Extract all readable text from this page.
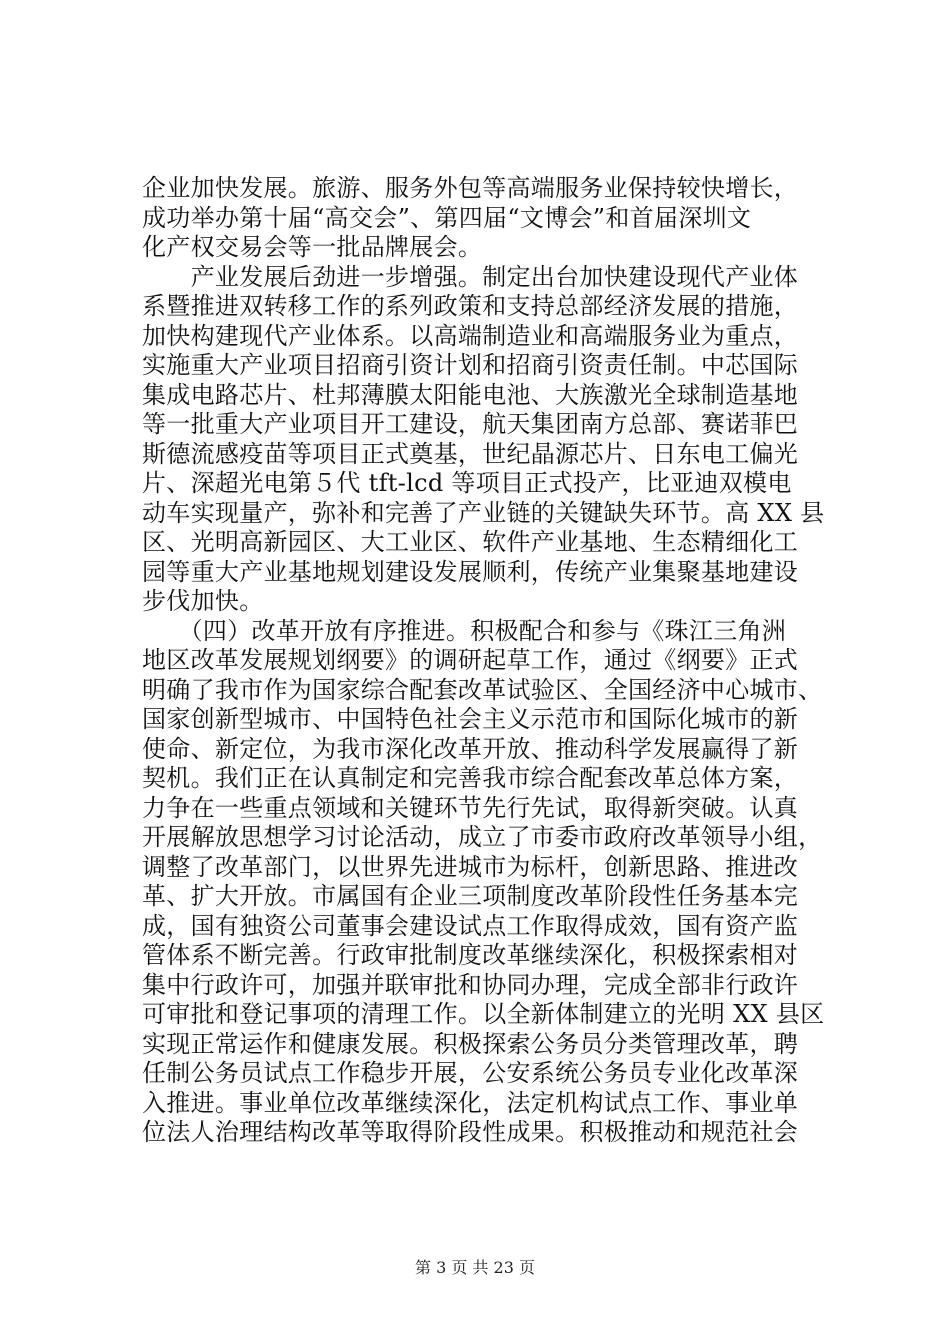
企业加快发展。旅游、服务外包等高端服务业保持较快增长，
成功举办第十届“高交会”、第四届“文博会”和首届深圳文
化产权交易会等一批品牌展会。
　　产业发展后劲进一步增强。制定出台加快建设现代产业体
系暨推进双转移工作的系列政策和支持总部经济发展的措施，
加快构建现代产业体系。以高端制造业和高端服务业为重点，
实施重大产业项目招商引资计划和招商引资责任制。中芯国际
集成电路芯片、杜邦薄膜太阳能电池、大族激光全球制造基地
等一批重大产业项目开工建设，航天集团南方总部、赛诺菲巴
斯德流感疫苗等项目正式奠基，世纪晶源芯片、日东电工偏光
片、深超光电第５代 tft-lcd 等项目正式投产，比亚迪双模电
动车实现量产，弥补和完善了产业链的关键缺失环节。高 XX 县
区、光明高新园区、大工业区、软件产业基地、生态精细化工
园等重大产业基地规划建设发展顺利，传统产业集聚基地建设
步伐加快。
　　（四）改革开放有序推进。积极配合和参与《珠江三角洲
地区改革发展规划纲要》的调研起草工作，通过《纲要》正式
明确了我市作为国家综合配套改革试验区、全国经济中心城市、
国家创新型城市、中国特色社会主义示范市和国际化城市的新
使命、新定位，为我市深化改革开放、推动科学发展赢得了新
契机。我们正在认真制定和完善我市综合配套改革总体方案，
力争在一些重点领域和关键环节先行先试，取得新突破。认真
开展解放思想学习讨论活动，成立了市委市政府改革领导小组，
调整了改革部门，以世界先进城市为标杆，创新思路、推进改
革、扩大开放。市属国有企业三项制度改革阶段性任务基本完
成，国有独资公司董事会建设试点工作取得成效，国有资产监
管体系不断完善。行政审批制度改革继续深化，积极探索相对
集中行政许可，加强并联审批和协同办理，完成全部非行政许
可审批和登记事项的清理工作。以全新体制建立的光明 XX 县区
实现正常运作和健康发展。积极探索公务员分类管理改革，聘
任制公务员试点工作稳步开展，公安系统公务员专业化改革深
入推进。事业单位改革继续深化，法定机构试点工作、事业单
位法人治理结构改革等取得阶段性成果。积极推动和规范社会
第 3 页 共 23 页
